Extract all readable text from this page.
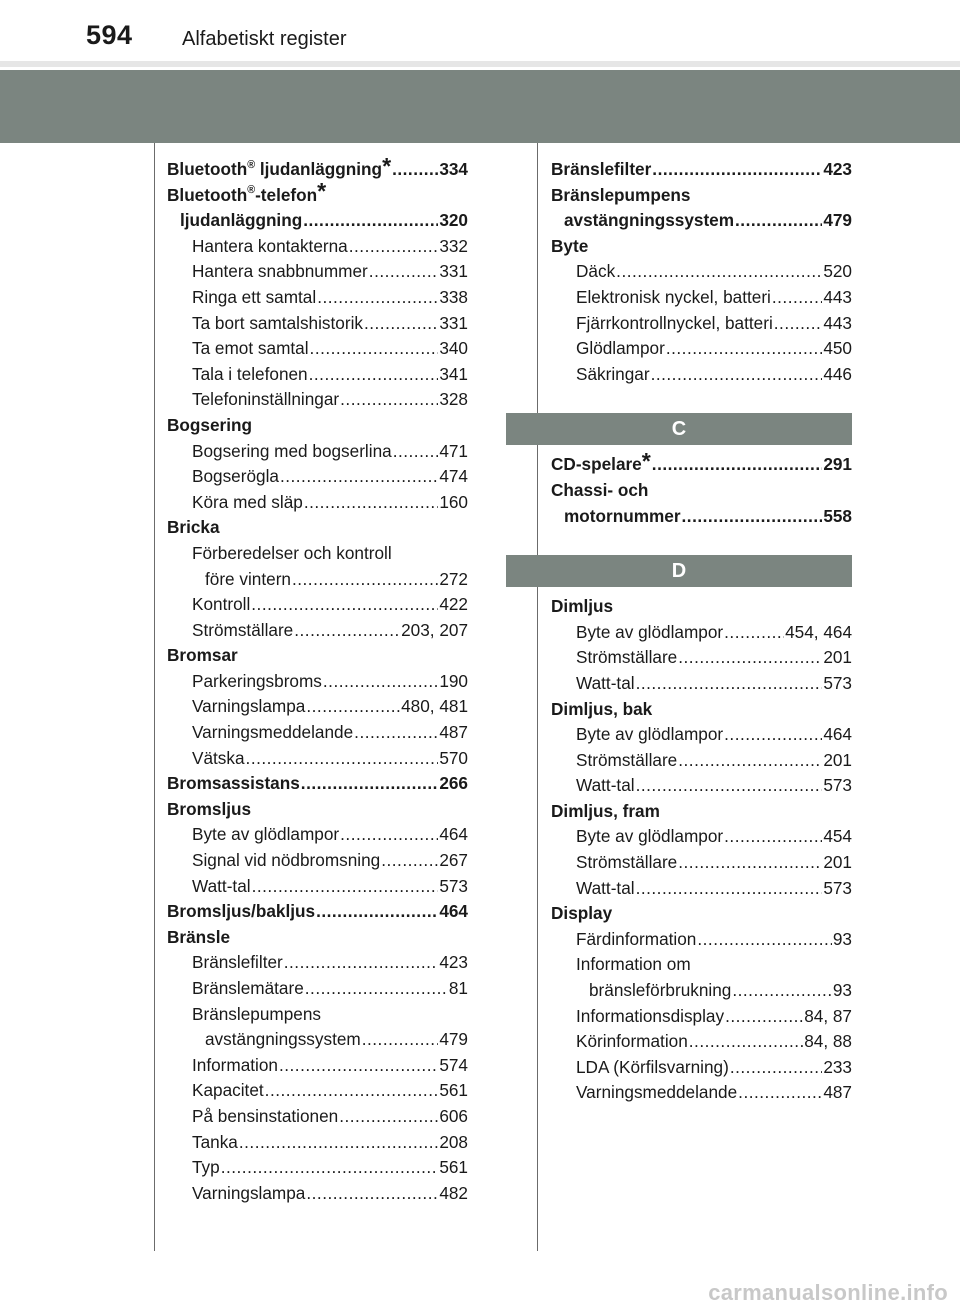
594 Alfabetiskt register
Bluetooth® ljudanläggning* .....	334
Bluetooth®-telefon*
ljudanläggning .....	320
Hantera kontakterna .....	332
Hantera snabbnummer .....	331
Ringa ett samtal .....	338
Ta bort samtalshistorik .....	331
Ta emot samtal .....	340
Tala i telefonen .....	341
Telefoninställningar .....	328
Bogsering
Bogsering med bogserlina .....	471
Bogserögla .....	474
Köra med släp .....	160
Bricka
Förberedelser och kontroll
före vintern .....	272
Kontroll .....	422
Strömställare .....	203, 207
Bromsar
Parkeringsbroms .....	190
Varningslampa .....	480, 481
Varningsmeddelande .....	487
Vätska .....	570
Bromsassistans .....	266
Bromsljus
Byte av glödlampor .....	464
Signal vid nödbromsning .....	267
Watt-tal .....	573
Bromsljus/bakljus .....	464
Bränsle
Bränslefilter .....	423
Bränslemätare .....	81
Bränslepumpens
avstängningssystem .....	479
Information .....	574
Kapacitet .....	561
På bensinstationen .....	606
Tanka .....	208
Typ .....	561
Varningslampa .....	482
Bränslefilter .....	423
Bränslepumpens
avstängningssystem .....	479
Byte
Däck .....	520
Elektronisk nyckel, batteri .....	443
Fjärrkontrollnyckel, batteri .....	443
Glödlampor .....	450
Säkringar .....	446
C
CD-spelare* .....	291
Chassi- och
motornummer .....	558
D
Dimljus
Byte av glödlampor .....	454, 464
Strömställare .....	201
Watt-tal .....	573
Dimljus, bak
Byte av glödlampor .....	464
Strömställare .....	201
Watt-tal .....	573
Dimljus, fram
Byte av glödlampor .....	454
Strömställare .....	201
Watt-tal .....	573
Display
Färdinformation .....	93
Information om
bränsleförbrukning .....	93
Informationsdisplay .....	84, 87
Körinformation .....	84, 88
LDA (Körfilsvarning) .....	233
Varningsmeddelande .....	487
carmanualsonline.info
